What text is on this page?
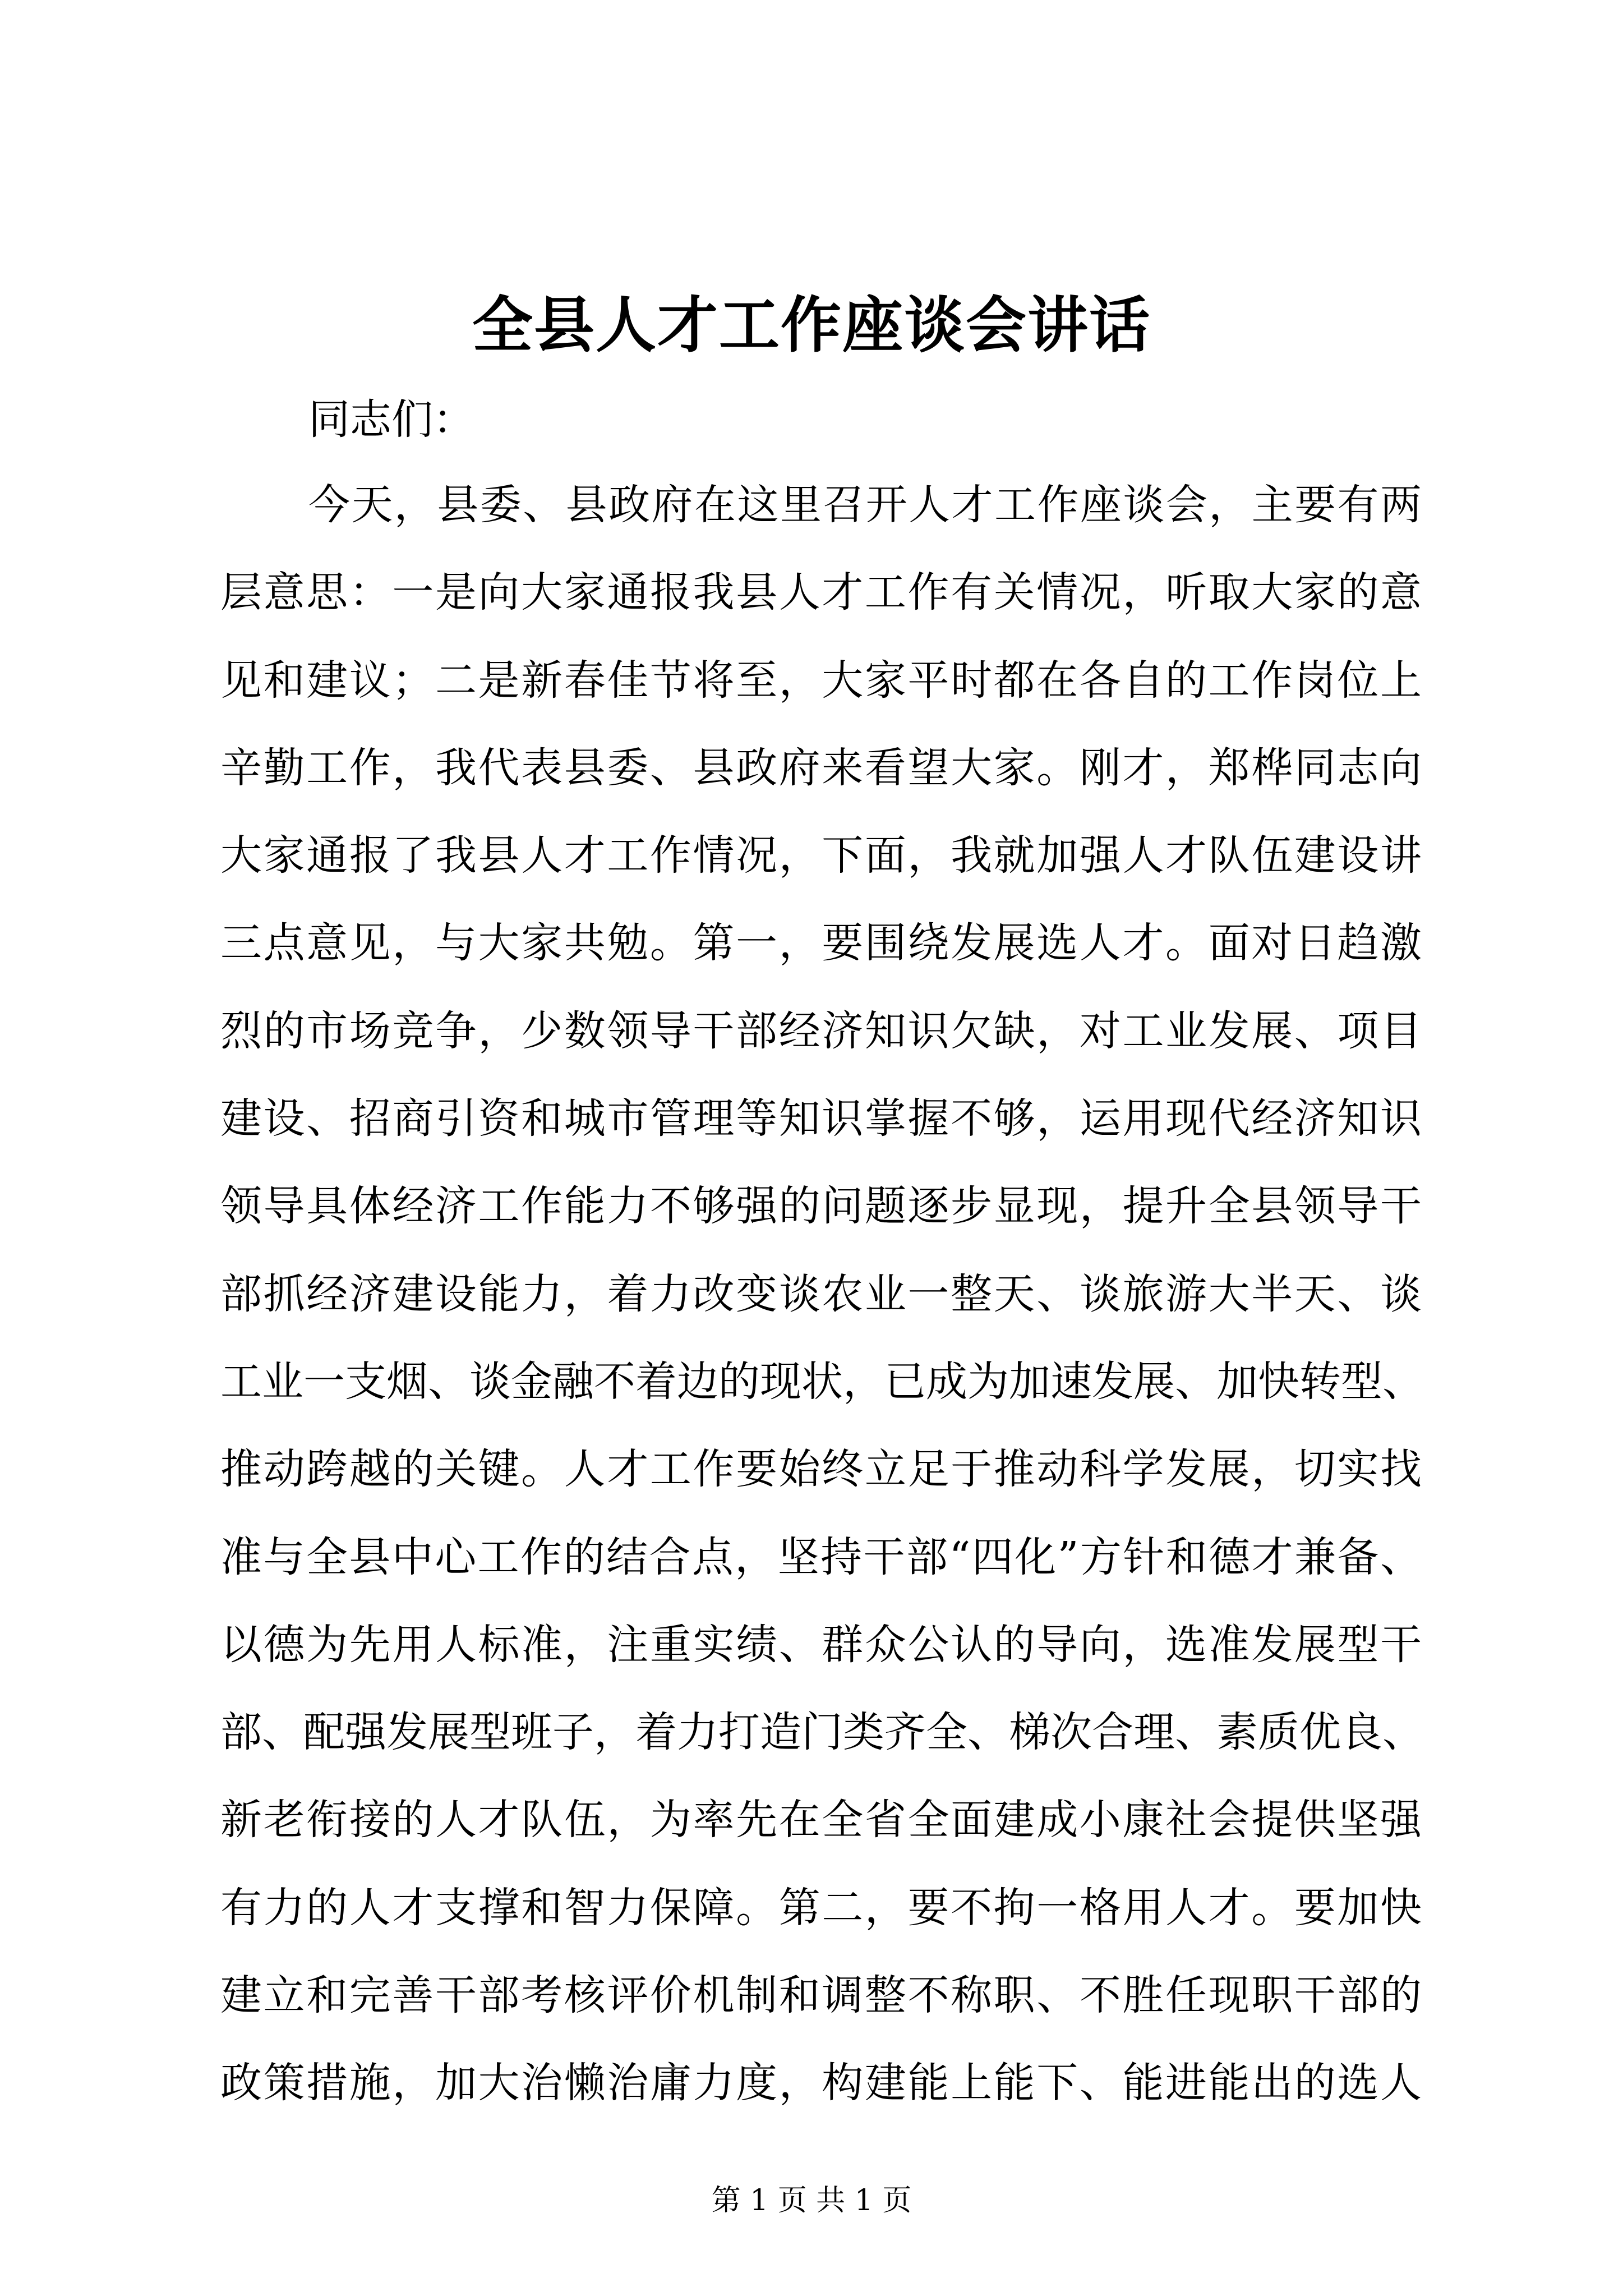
全县人才工作座谈会讲话

同志们：

今天，县委、县政府在这里召开人才工作座谈会，主要有两
层意思：一是向大家通报我县人才工作有关情况，听取大家的意
见和建议；二是新春佳节将至，大家平时都在各自的工作岗位上
辛勤工作，我代表县委、县政府来看望大家。刚才，郑桦同志向
大家通报了我县人才工作情况，下面，我就加强人才队伍建设讲
三点意见，与大家共勉。第一，要围绕发展选人才。面对日趋激
烈的市场竞争，少数领导干部经济知识欠缺，对工业发展、项目
建设、招商引资和城市管理等知识掌握不够，运用现代经济知识
领导具体经济工作能力不够强的问题逐步显现，提升全县领导干
部抓经济建设能力，着力改变谈农业一整天、谈旅游大半天、谈
工业一支烟、谈金融不着边的现状，已成为加速发展、加快转型、
推动跨越的关键。人才工作要始终立足于推动科学发展，切实找
准与全县中心工作的结合点，坚持干部“四化”方针和德才兼备、
以德为先用人标准，注重实绩、群众公认的导向，选准发展型干
部、配强发展型班子，着力打造门类齐全、梯次合理、素质优良、
新老衔接的人才队伍，为率先在全省全面建成小康社会提供坚强
有力的人才支撑和智力保障。第二，要不拘一格用人才。要加快
建立和完善干部考核评价机制和调整不称职、不胜任现职干部的
政策措施，加大治懒治庸力度，构建能上能下、能进能出的选人

第 1 页 共 1 页
